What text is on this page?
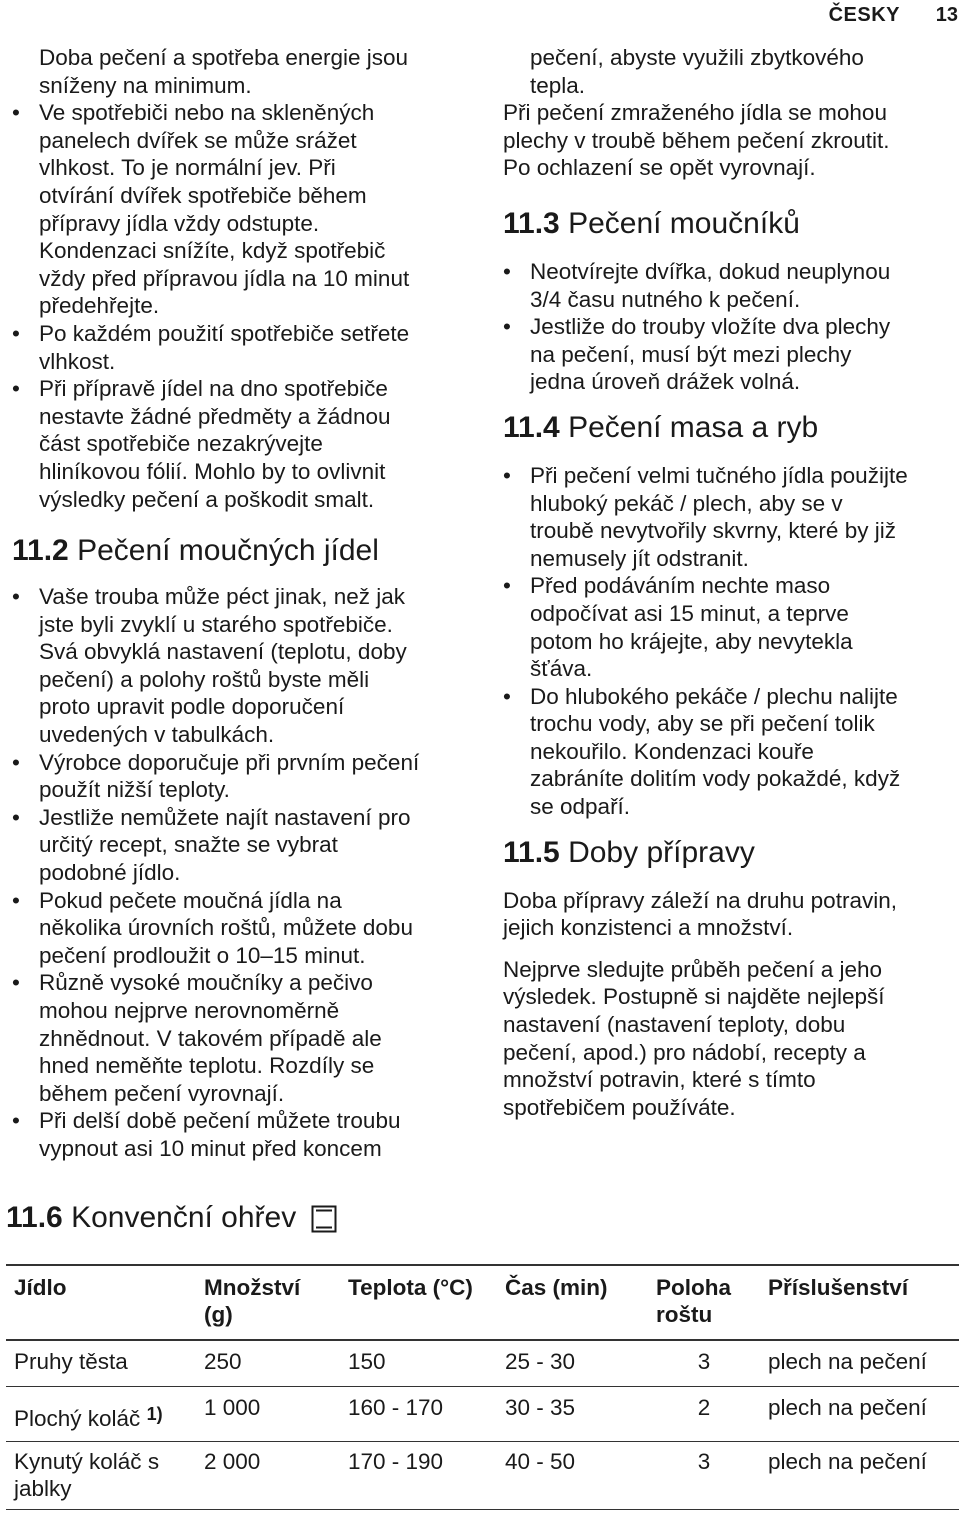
ČESKY 13
Doba pečení a spotřeba energie jsou
sníženy na minimum.
• Ve spotřebiči nebo na skleněných
panelech dvířek se může srážet
vlhkost. To je normální jev. Při
otvírání dvířek spotřebiče během
přípravy jídla vždy odstupte.
Kondenzaci snížíte, když spotřebič
vždy před přípravou jídla na 10 minut
předehřejte.
• Po každém použití spotřebiče setřete
vlhkost.
• Při přípravě jídel na dno spotřebiče
nestavte žádné předměty a žádnou
část spotřebiče nezakrývejte
hliníkovou fólií. Mohlo by to ovlivnit
výsledky pečení a poškodit smalt.
11.2 Pečení moučných jídel
• Vaše trouba může péct jinak, než jak
jste byli zvyklí u starého spotřebiče.
Svá obvyklá nastavení (teplotu, doby
pečení) a polohy roštů byste měli
proto upravit podle doporučení
uvedených v tabulkách.
• Výrobce doporučuje při prvním pečení
použít nižší teploty.
• Jestliže nemůžete najít nastavení pro
určitý recept, snažte se vybrat
podobné jídlo.
• Pokud pečete moučná jídla na
několika úrovních roštů, můžete dobu
pečení prodloužit o 10–15 minut.
• Různě vysoké moučníky a pečivo
mohou nejprve nerovnoměrně
zhnědnout. V takovém případě ale
hned neměňte teplotu. Rozdíly se
během pečení vyrovnají.
• Při delší době pečení můžete troubu
vypnout asi 10 minut před koncem
pečení, abyste využili zbytkového
tepla.
Při pečení zmraženého jídla se mohou
plechy v troubě během pečení zkroutit.
Po ochlazení se opět vyrovnají.
11.3 Pečení moučníků
• Neotvírejte dvířka, dokud neuplynou
3/4 času nutného k pečení.
• Jestliže do trouby vložíte dva plechy
na pečení, musí být mezi plechy
jedna úroveň drážek volná.
11.4 Pečení masa a ryb
• Při pečení velmi tučného jídla použijte
hluboký pekáč / plech, aby se v
troubě nevytvořily skvrny, které by již
nemusely jít odstranit.
• Před podáváním nechte maso
odpočívat asi 15 minut, a teprve
potom ho krájejte, aby nevytekla
šťáva.
• Do hlubokého pekáče / plechu nalijte
trochu vody, aby se při pečení tolik
nekouřilo. Kondenzaci kouře
zabráníte dolitím vody pokaždé, když
se odpaří.
11.5 Doby přípravy
Doba přípravy záleží na druhu potravin,
jejich konzistenci a množství.
Nejprve sledujte průběh pečení a jeho
výsledek. Postupně si najděte nejlepší
nastavení (nastavení teploty, dobu
pečení, apod.) pro nádobí, recepty a
množství potravin, které s tímto
spotřebičem používáte.
11.6 Konvenční ohřev
Jídlo	Množství (g)	Teplota (°C)	Čas (min)	Poloha roštu	Příslušenství
Pruhy těsta	250	150	25 - 30	3	plech na pečení
Plochý koláč $^{1)}$	1 000	160 - 170	30 - 35	2	plech na pečení
Kynutý koláč s jablky	2 000	170 - 190	40 - 50	3	plech na pečení
